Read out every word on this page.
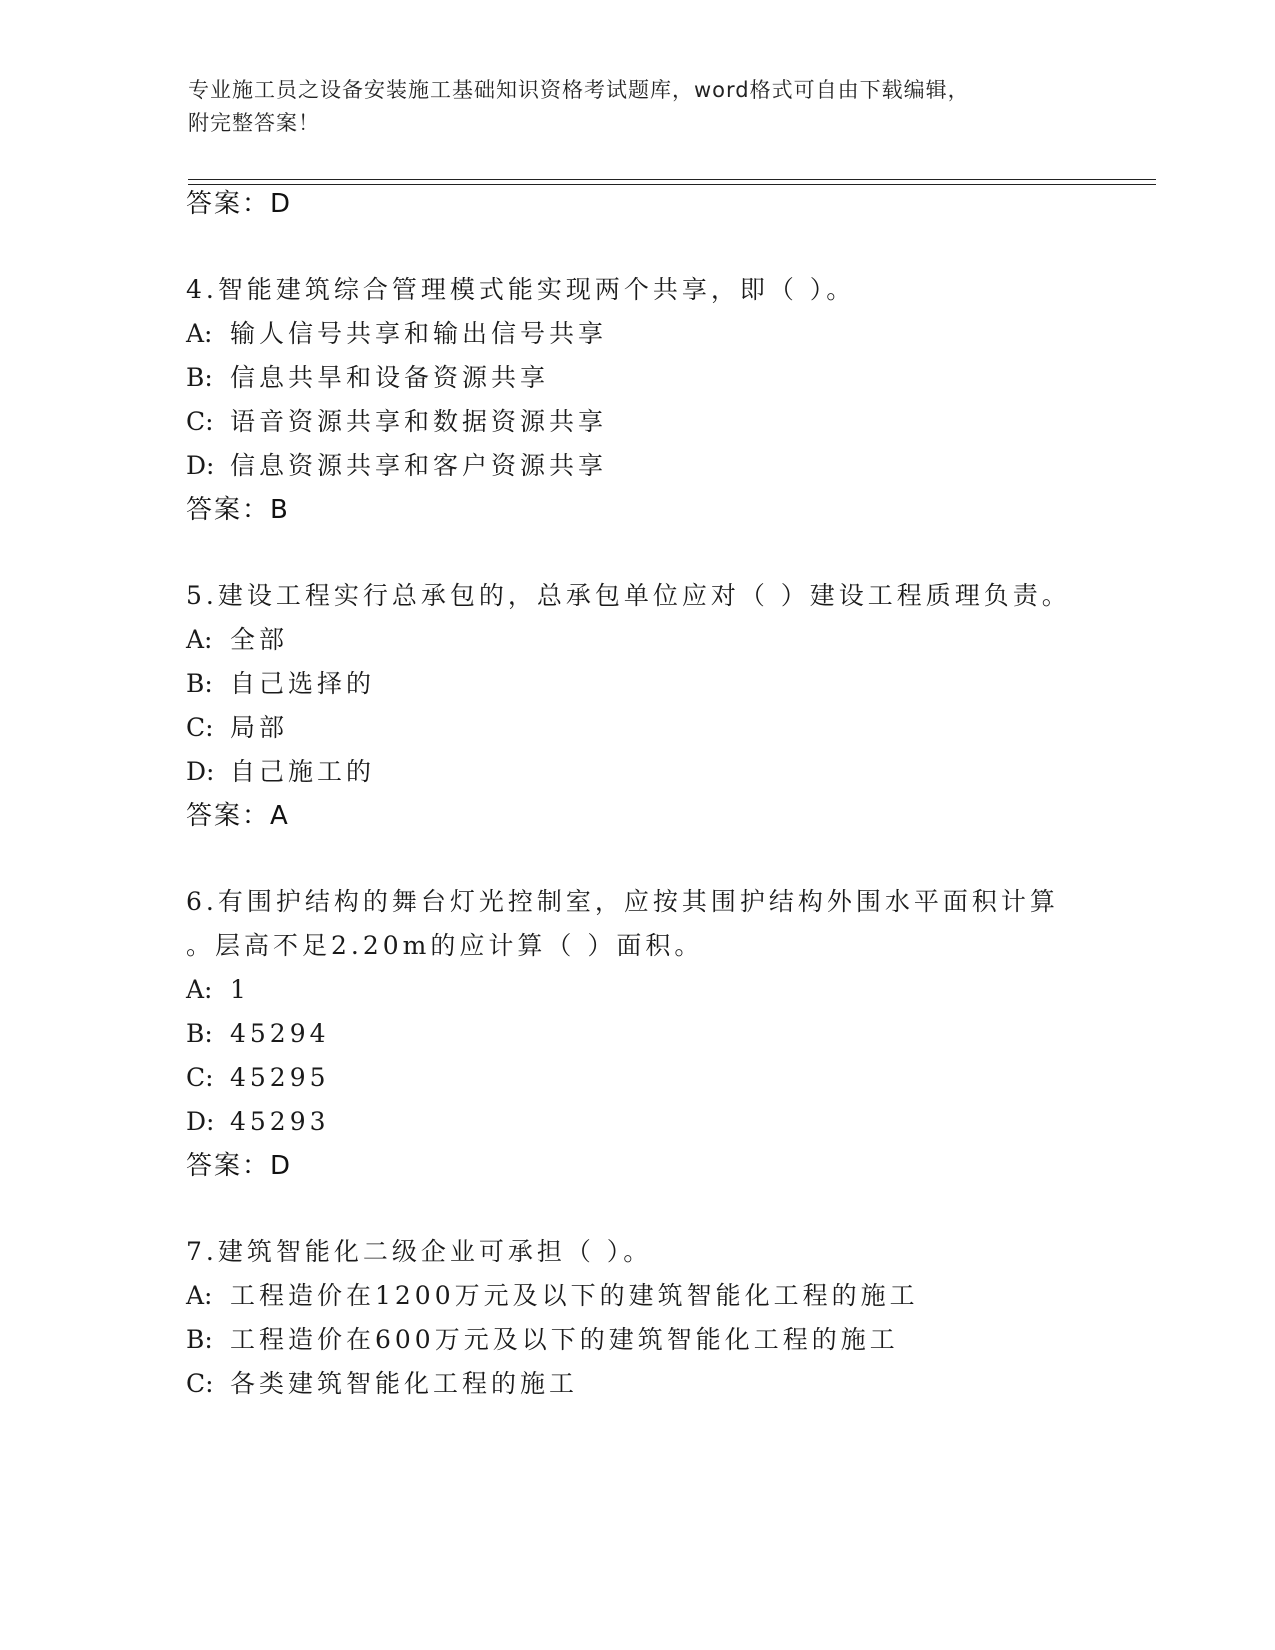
专业施工员之设备安装施工基础知识资格考试题库，word格式可自由下载编辑，
附完整答案！
答案：D
4.智能建筑综合管理模式能实现两个共享，即（ ）。
A: 输人信号共享和输出信号共享
B: 信息共旱和设备资源共享
C: 语音资源共享和数据资源共享
D: 信息资源共享和客户资源共享
答案：B
5.建设工程实行总承包的，总承包单位应对（ ）建设工程质理负责。
A: 全部
B: 自己选择的
C: 局部
D: 自己施工的
答案：A
6.有围护结构的舞台灯光控制室，应按其围护结构外围水平面积计算
。层高不足2.20m的应计算（ ）面积。
A: 1
B: 45294
C: 45295
D: 45293
答案：D
7.建筑智能化二级企业可承担（ ）。
A: 工程造价在1200万元及以下的建筑智能化工程的施工
B: 工程造价在600万元及以下的建筑智能化工程的施工
C: 各类建筑智能化工程的施工
